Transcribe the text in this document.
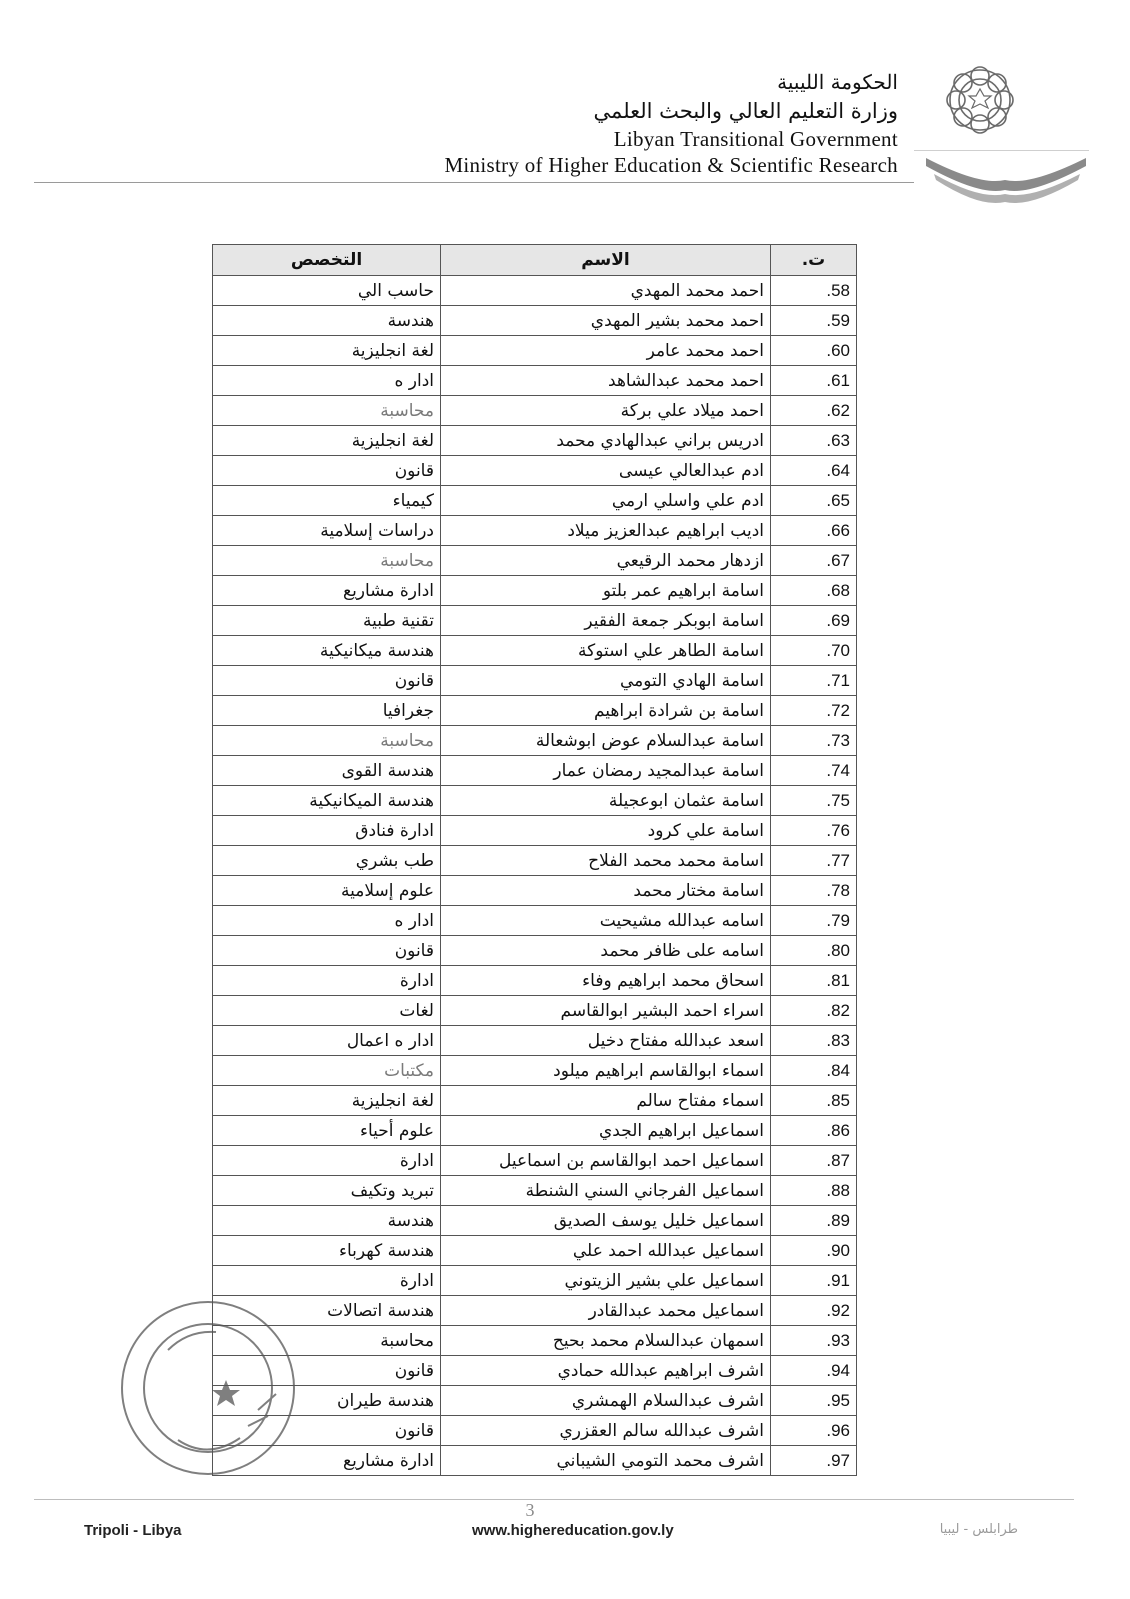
الحكومة الليبية
وزارة التعليم العالي والبحث العلمي
Libyan Transitional Government
Ministry of Higher Education & Scientific Research
ت.	الاسم	التخصص
58.	احمد محمد المهدي	حاسب الي
59.	احمد محمد بشير المهدي	هندسة
60.	احمد محمد عامر	لغة انجليزية
61.	احمد محمد عبدالشاهد	ادار ه
62.	احمد ميلاد علي بركة	محاسبة
63.	ادريس براني عبدالهادي محمد	لغة انجليزية
64.	ادم عبدالعالي عيسى	قانون
65.	ادم علي واسلي ارمي	كيمياء
66.	اديب ابراهيم عبدالعزيز ميلاد	دراسات إسلامية
67.	ازدهار محمد الرقيعي	محاسبة
68.	اسامة ابراهيم عمر بلتو	ادارة مشاريع
69.	اسامة ابوبكر جمعة الفقير	تقنية طبية
70.	اسامة الطاهر علي استوكة	هندسة ميكانيكية
71.	اسامة الهادي التومي	قانون
72.	اسامة بن شرادة ابراهيم	جغرافيا
73.	اسامة عبدالسلام عوض ابوشعالة	محاسبة
74.	اسامة عبدالمجيد رمضان عمار	هندسة القوى
75.	اسامة عثمان ابوعجيلة	هندسة الميكانيكية
76.	اسامة علي كرود	ادارة فنادق
77.	اسامة محمد محمد الفلاح	طب بشري
78.	اسامة مختار محمد	علوم إسلامية
79.	اسامه عبدالله مشيحيت	ادار ه
80.	اسامه على ظافر محمد	قانون
81.	اسحاق محمد ابراهيم وفاء	ادارة
82.	اسراء احمد البشير ابوالقاسم	لغات
83.	اسعد عبدالله مفتاح دخيل	ادار ه اعمال
84.	اسماء ابوالقاسم ابراهيم ميلود	مكتبات
85.	اسماء مفتاح سالم	لغة انجليزية
86.	اسماعيل ابراهيم الجدي	علوم أحياء
87.	اسماعيل احمد ابوالقاسم بن اسماعيل	ادارة
88.	اسماعيل الفرجاني السني الشنطة	تبريد وتكيف
89.	اسماعيل خليل يوسف الصديق	هندسة
90.	اسماعيل عبدالله احمد علي	هندسة كهرباء
91.	اسماعيل علي بشير الزيتوني	ادارة
92.	اسماعيل محمد عبدالقادر	هندسة اتصالات
93.	اسمهان عبدالسلام محمد بحيح	محاسبة
94.	اشرف ابراهيم عبدالله حمادي	قانون
95.	اشرف عبدالسلام الهمشري	هندسة طيران
96.	اشرف عبدالله سالم العقزري	قانون
97.	اشرف محمد التومي الشيباني	ادارة مشاريع
3
Tripoli - Libya	www.highereducation.gov.ly	طرابلس - ليبيا
